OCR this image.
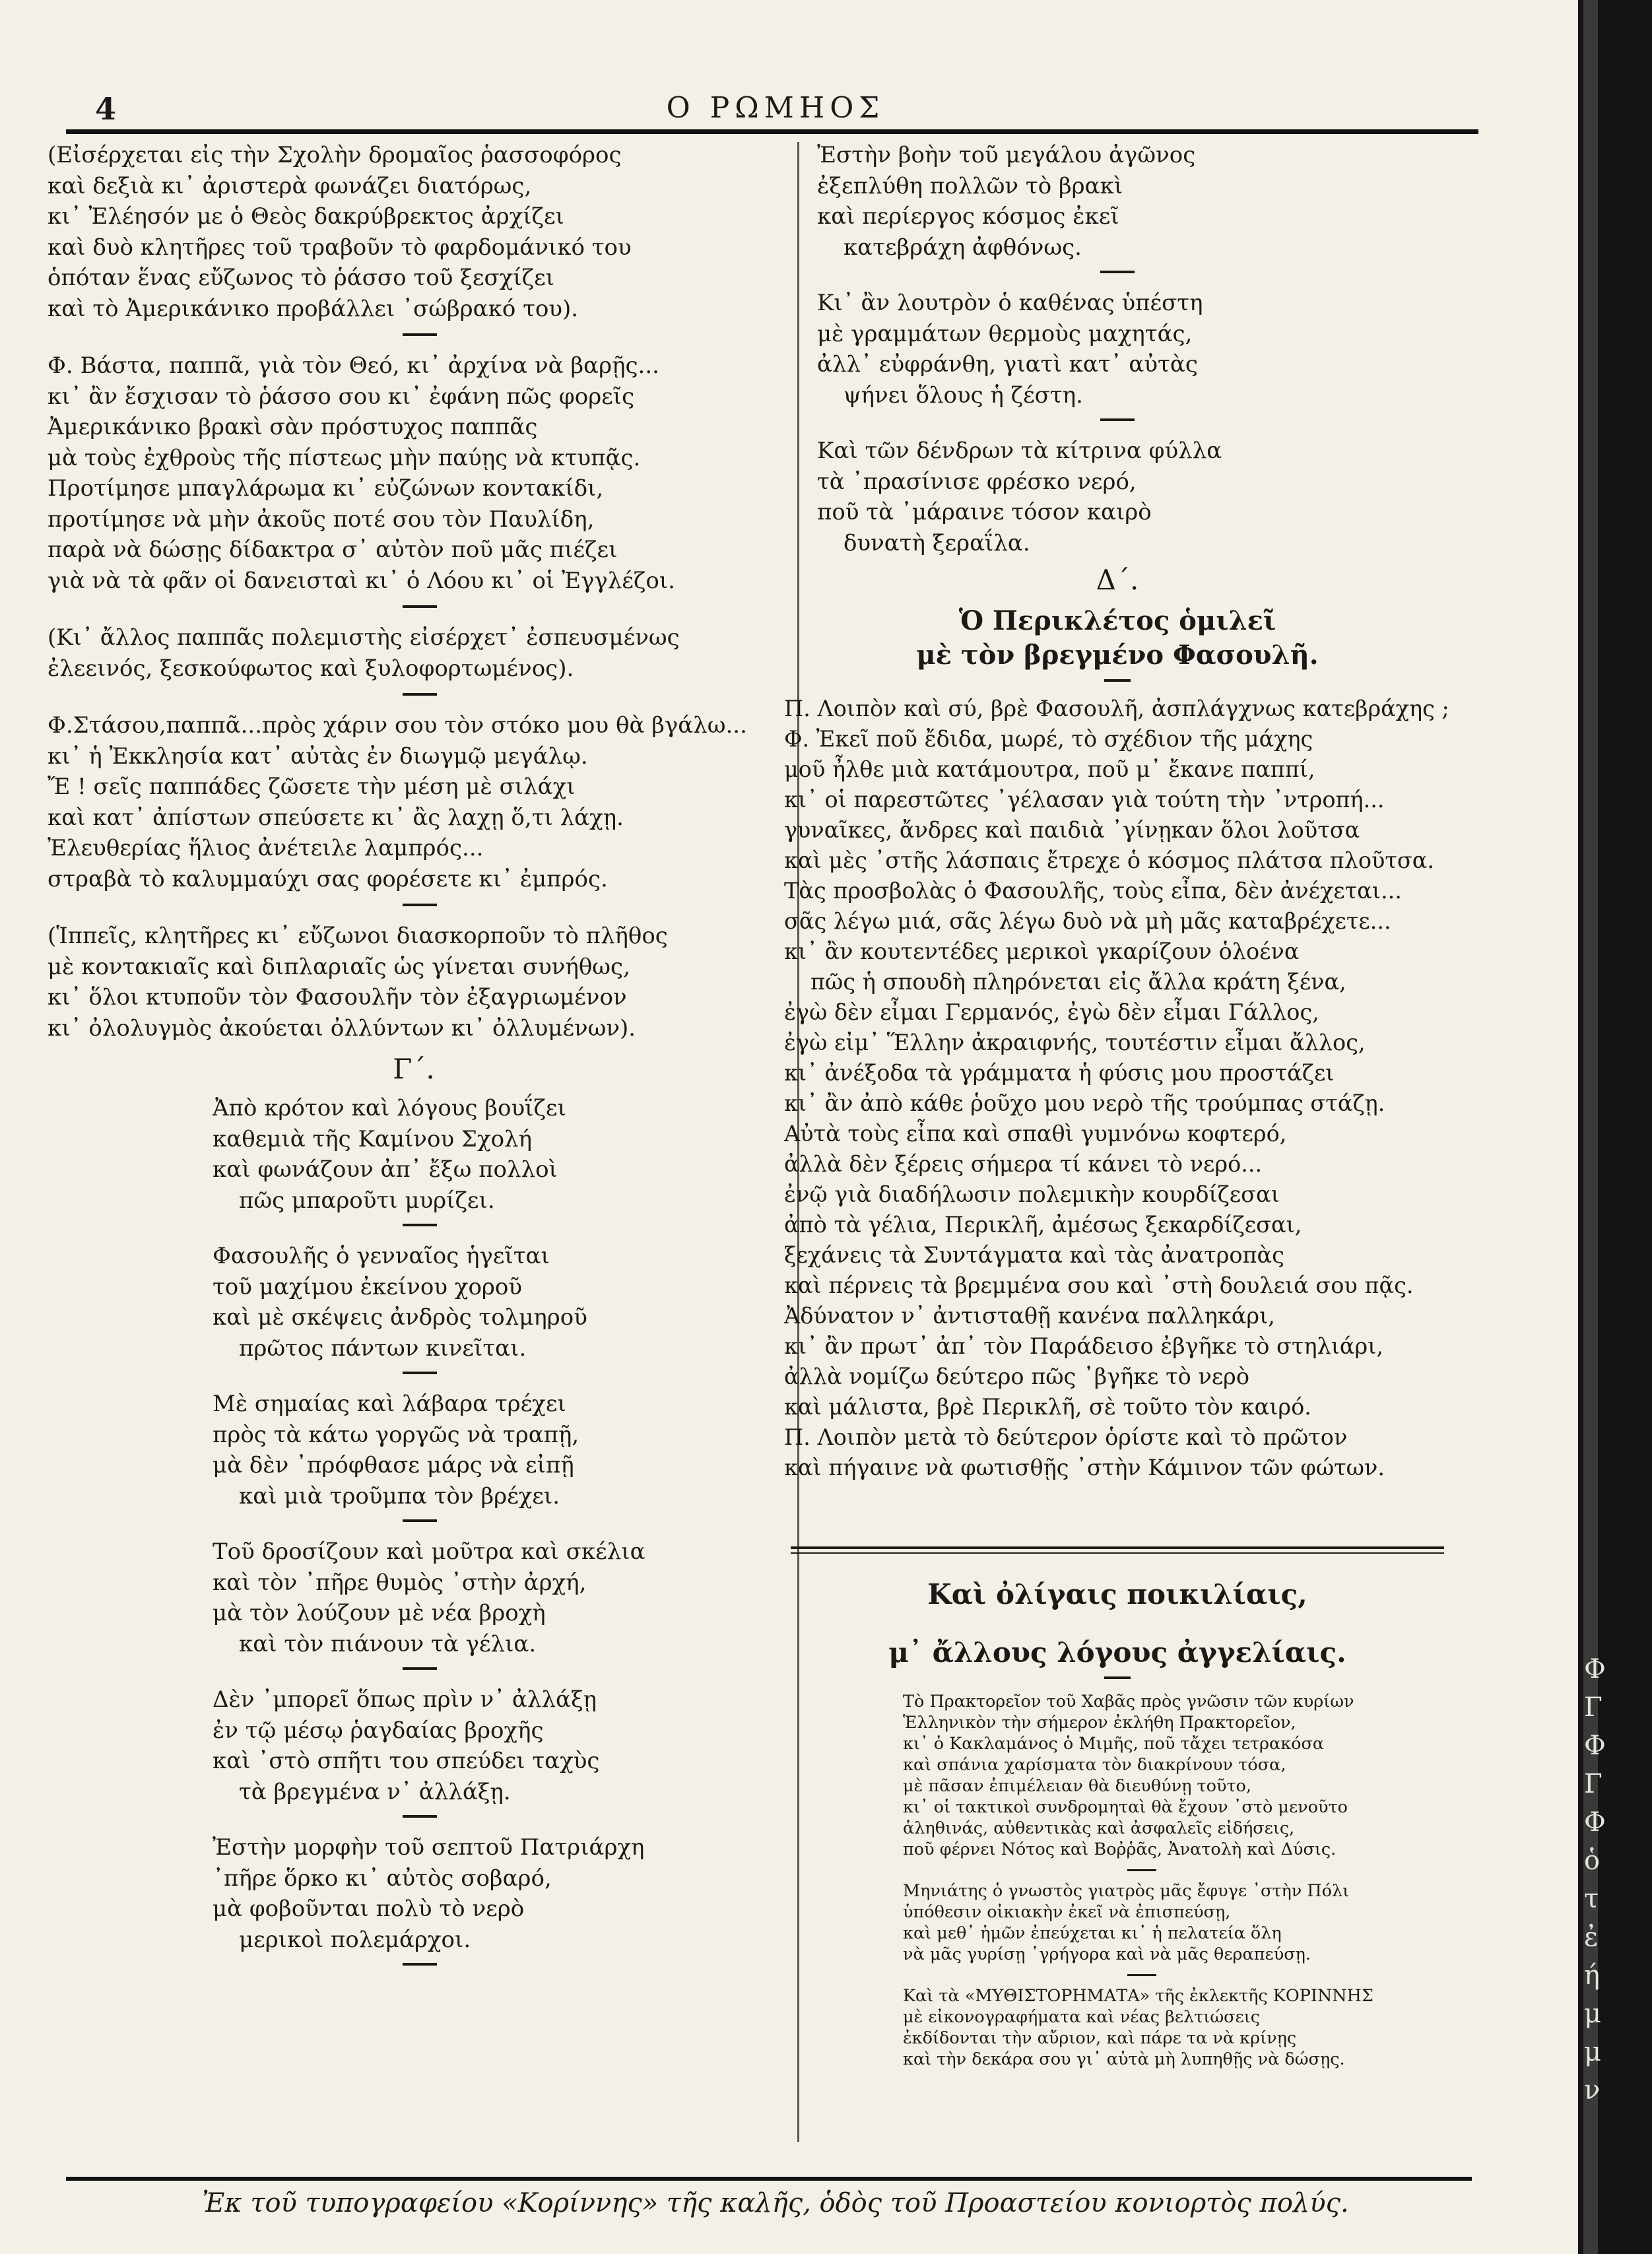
4	Ο ΡΩΜΗΟΣ
(Εἰσέρχεται εἰς τὴν Σχολὴν δρομαῖος ῥασσοφόρος
καὶ δεξιὰ κι᾿ ἀριστερὰ φωνάζει διατόρως,
κι᾿ Ἐλέησόν με ὁ Θεὸς δακρύβρεκτος ἀρχίζει
καὶ δυὸ κλητῆρες τοῦ τραβοῦν τὸ φαρδομάνικό του
ὁπόταν ἕνας εὔζωνος τὸ ῥάσσο τοῦ ξεσχίζει
καὶ τὸ Ἀμερικάνικο προβάλλει ᾿σώβρακό του).
Φ. Βάστα, παππᾶ, γιὰ τὸν Θεό, κι᾿ ἀρχίνα νὰ βαρῇς...
κι᾿ ἂν ἔσχισαν τὸ ῥάσσο σου κι᾿ ἐφάνη πῶς φορεῖς
Ἀμερικάνικο βρακὶ σὰν πρόστυχος παππᾶς
μὰ τοὺς ἐχθροὺς τῆς πίστεως μὴν παύῃς νὰ κτυπᾷς.
Προτίμησε μπαγλάρωμα κι᾿ εὐζώνων κοντακίδι,
προτίμησε νὰ μὴν ἀκοῦς ποτέ σου τὸν Παυλίδη,
παρὰ νὰ δώσῃς δίδακτρα σ᾿ αὐτὸν ποῦ μᾶς πιέζει
γιὰ νὰ τὰ φᾶν οἱ δανεισταὶ κι᾿ ὁ Λόου κι᾿ οἱ Ἐγγλέζοι.
(Κι᾿ ἄλλος παππᾶς πολεμιστὴς εἰσέρχετ᾿ ἐσπευσμένως
ἐλεεινός, ξεσκούφωτος καὶ ξυλοφορτωμένος).
Φ.Στάσου,παππᾶ...πρὸς χάριν σου τὸν στόκο μου θὰ βγάλω...
κι᾿ ἡ Ἐκκλησία κατ᾿ αὐτὰς ἐν διωγμῷ μεγάλῳ.
Ἔ ! σεῖς παππάδες ζῶσετε τὴν μέση μὲ σιλάχι
καὶ κατ᾿ ἀπίστων σπεύσετε κι᾿ ἂς λαχῃ ὅ,τι λάχῃ.
Ἐλευθερίας ἥλιος ἀνέτειλε λαμπρός...
στραβὰ τὸ καλυμμαύχι σας φορέσετε κι᾿ ἐμπρός.
(Ἱππεῖς, κλητῆρες κι᾿ εὔζωνοι διασκορποῦν τὸ πλῆθος
μὲ κοντακιαῖς καὶ διπλαριαῖς ὡς γίνεται συνήθως,
κι᾿ ὅλοι κτυποῦν τὸν Φασουλῆν τὸν ἐξαγριωμένον
κι᾿ ὀλολυγμὸς ἀκούεται ὀλλύντων κι᾿ ὀλλυμένων).
Γ΄.
Ἀπὸ κρότον καὶ λόγους βουΐζει
καθεμιὰ τῆς Καμίνου Σχολή
καὶ φωνάζουν ἀπ᾿ ἔξω πολλοὶ
πῶς μπαροῦτι μυρίζει.
Φασουλῆς ὁ γενναῖος ἡγεῖται
τοῦ μαχίμου ἐκείνου χοροῦ
καὶ μὲ σκέψεις ἀνδρὸς τολμηροῦ
πρῶτος πάντων κινεῖται.
Μὲ σημαίας καὶ λάβαρα τρέχει
πρὸς τὰ κάτω γοργῶς νὰ τραπῇ,
μὰ δὲν ᾿πρόφθασε μάρς νὰ εἰπῇ
καὶ μιὰ τροῦμπα τὸν βρέχει.
Τοῦ δροσίζουν καὶ μοῦτρα καὶ σκέλια
καὶ τὸν ᾿πῆρε θυμὸς ᾿στὴν ἀρχή,
μὰ τὸν λούζουν μὲ νέα βροχὴ
καὶ τὸν πιάνουν τὰ γέλια.
Δὲν ᾿μπορεῖ ὅπως πρὶν ν᾿ ἀλλάξῃ
ἐν τῷ μέσῳ ῥαγδαίας βροχῆς
καὶ ᾿στὸ σπῆτι του σπεύδει ταχὺς
τὰ βρεγμένα ν᾿ ἀλλάξῃ.
Ἐστὴν μορφὴν τοῦ σεπτοῦ Πατριάρχη
᾿πῆρε ὅρκο κι᾿ αὐτὸς σοβαρό,
μὰ φοβοῦνται πολὺ τὸ νερὸ
μερικοὶ πολεμάρχοι.
Ἐστὴν βοὴν τοῦ μεγάλου ἀγῶνος
ἐξεπλύθη πολλῶν τὸ βρακὶ
καὶ περίεργος κόσμος ἐκεῖ
κατεβράχη ἀφθόνως.
Κι᾿ ἂν λουτρὸν ὁ καθένας ὑπέστη
μὲ γραμμάτων θερμοὺς μαχητάς,
ἀλλ᾿ εὐφράνθη, γιατὶ κατ᾿ αὐτὰς
ψήνει ὅλους ἡ ζέστη.
Καὶ τῶν δένδρων τὰ κίτρινα φύλλα
τὰ ᾿πρασίνισε φρέσκο νερό,
ποῦ τὰ ᾿μάραινε τόσον καιρὸ
δυνατὴ ξεραΐλα.
Δ΄.
Ὁ Περικλέτος ὁμιλεῖ
μὲ τὸν βρεγμένο Φασουλῆ.
Π. Λοιπὸν καὶ σύ, βρὲ Φασουλῆ, ἀσπλάγχνως κατεβράχης ;
Φ. Ἐκεῖ ποῦ ἔδιδα, μωρέ, τὸ σχέδιον τῆς μάχης
μοῦ ἦλθε μιὰ κατάμουτρα, ποῦ μ᾿ ἔκανε παππί,
κι᾿ οἱ παρεστῶτες ᾿γέλασαν γιὰ τούτη τὴν ᾿ντροπή...
γυναῖκες, ἄνδρες καὶ παιδιὰ ᾿γίνῃκαν ὅλοι λοῦτσα
καὶ μὲς ᾿στῆς λάσπαις ἔτρεχε ὁ κόσμος πλάτσα πλοῦτσα.
Τὰς προσβολὰς ὁ Φασουλῆς, τοὺς εἶπα, δὲν ἀνέχεται...
σᾶς λέγω μιά, σᾶς λέγω δυὸ νὰ μὴ μᾶς καταβρέχετε...
κι᾿ ἂν κουτεντέδες μερικοὶ γκαρίζουν ὁλοένα
πῶς ἡ σπουδὴ πληρόνεται εἰς ἄλλα κράτη ξένα,
ἐγὼ δὲν εἶμαι Γερμανός, ἐγὼ δὲν εἶμαι Γάλλος,
ἐγὼ εἰμ᾿ Ἕλλην ἀκραιφνής, τουτέστιν εἶμαι ἄλλος,
κι᾿ ἀνέξοδα τὰ γράμματα ἡ φύσις μου προστάζει
κι᾿ ἂν ἀπὸ κάθε ῥοῦχο μου νερὸ τῆς τρούμπας στάζῃ.
Αὐτὰ τοὺς εἶπα καὶ σπαθὶ γυμνόνω κοφτερό,
ἀλλὰ δὲν ξέρεις σήμερα τί κάνει τὸ νερό...
ἐνῷ γιὰ διαδήλωσιν πολεμικὴν κουρδίζεσαι
ἀπὸ τὰ γέλια, Περικλῆ, ἀμέσως ξεκαρδίζεσαι,
ξεχάνεις τὰ Συντάγματα καὶ τὰς ἀνατροπὰς
καὶ πέρνεις τὰ βρεμμένα σου καὶ ᾿στὴ δουλειά σου πᾷς.
Ἀδύνατον ν᾿ ἀντισταθῇ κανένα παλληκάρι,
κι᾿ ἂν πρωτ᾿ ἀπ᾿ τὸν Παράδεισο ἐβγῆκε τὸ στηλιάρι,
ἀλλὰ νομίζω δεύτερο πῶς ᾿βγῆκε τὸ νερὸ
καὶ μάλιστα, βρὲ Περικλῆ, σὲ τοῦτο τὸν καιρό.
Π. Λοιπὸν μετὰ τὸ δεύτερον ὁρίστε καὶ τὸ πρῶτον
καὶ πήγαινε νὰ φωτισθῇς ᾿στὴν Κάμινον τῶν φώτων.
Καὶ ὀλίγαις ποικιλίαις,
μ᾿ ἄλλους λόγους ἀγγελίαις.
Τὸ Πρακτορεῖον τοῦ Χαβᾶς πρὸς γνῶσιν τῶν κυρίων
Ἑλληνικὸν τὴν σήμερον ἐκλήθη Πρακτορεῖον,
κι᾿ ὁ Κακλαμάνος ὁ Μιμῆς, ποῦ τἄχει τετρακόσα
καὶ σπάνια χαρίσματα τὸν διακρίνουν τόσα,
μὲ πᾶσαν ἐπιμέλειαν θὰ διευθύνῃ τοῦτο,
κι᾿ οἱ τακτικοὶ συνδρομηταὶ θὰ ἔχουν ᾿στὸ μενοῦτο
ἀληθινάς, αὐθεντικὰς καὶ ἀσφαλεῖς εἰδήσεις,
ποῦ φέρνει Νότος καὶ Βοῤῥᾶς, Ἀνατολὴ καὶ Δύσις.
Μηνιάτης ὁ γνωστὸς γιατρὸς μᾶς ἔφυγε ᾿στὴν Πόλι
ὑπόθεσιν οἰκιακὴν ἐκεῖ νὰ ἐπισπεύσῃ,
καὶ μεθ᾿ ἡμῶν ἐπεύχεται κι᾿ ἡ πελατεία ὅλη
νὰ μᾶς γυρίσῃ ᾿γρήγορα καὶ νὰ μᾶς θεραπεύσῃ.
Καὶ τὰ «ΜΥΘΙΣΤΟΡΗΜΑΤΑ» τῆς ἐκλεκτῆς ΚΟΡΙΝΝΗΣ
μὲ εἰκονογραφήματα καὶ νέας βελτιώσεις
ἐκδίδονται τὴν αὔριον, καὶ πάρε τα νὰ κρίνῃς
καὶ τὴν δεκάρα σου γι᾿ αὐτὰ μὴ λυπηθῇς νὰ δώσῃς.
Ἐκ τοῦ τυπογραφείου «Κορίννης» τῆς καλῆς, ὁδὸς τοῦ Προαστείου κονιορτὸς πολύς.
Φ
Γ
Φ
Γ
Φ
ὁ
τ
ἐ
ή
μ
μ
ν
